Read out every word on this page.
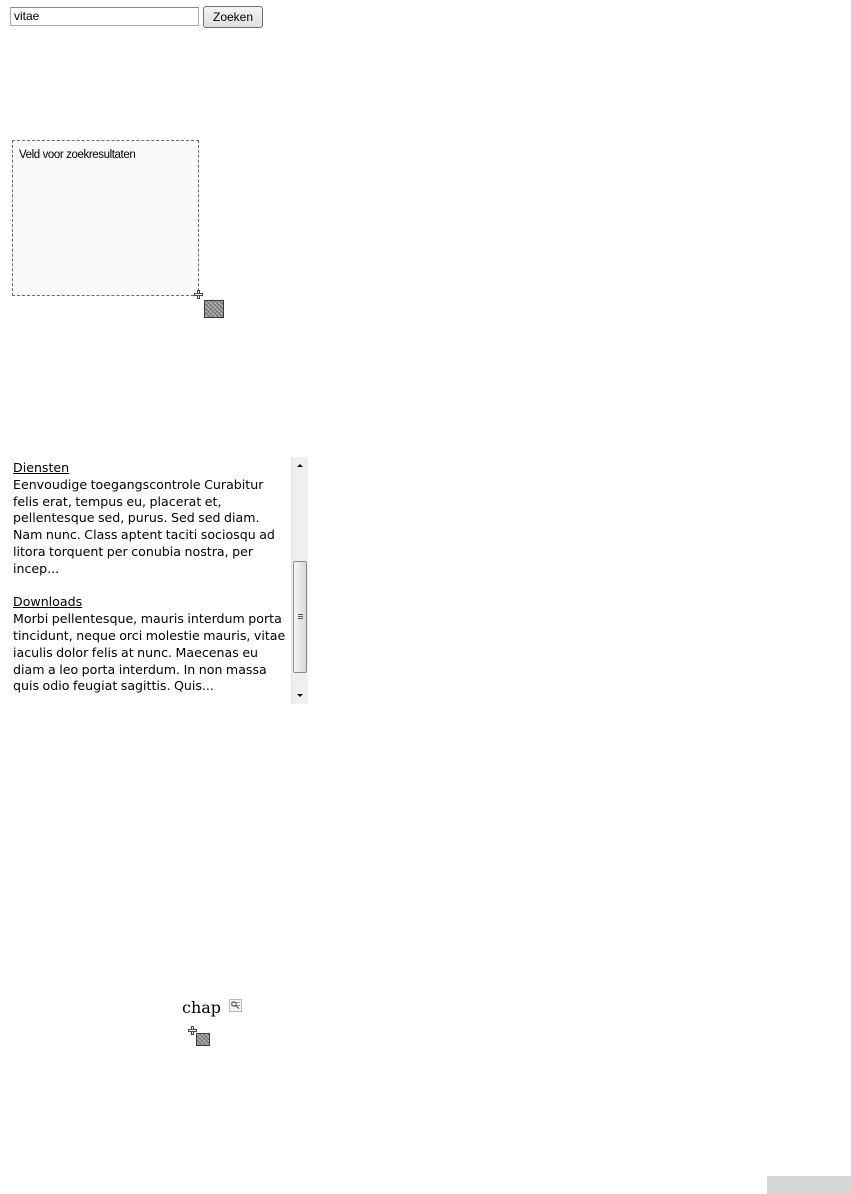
vitae
Zoeken
Veld voor zoekresultaten
Diensten
Eenvoudige toegangscontrole Curabitur felis erat, tempus eu, placerat et, pellentesque sed, purus. Sed sed diam. Nam nunc. Class aptent taciti sociosqu ad litora torquent per conubia nostra, per incep...
Downloads
Morbi pellentesque, mauris interdum porta tincidunt, neque orci molestie mauris, vitae iaculis dolor felis at nunc. Maecenas eu diam a leo porta interdum. In non massa quis odio feugiat sagittis. Quis...
chap
